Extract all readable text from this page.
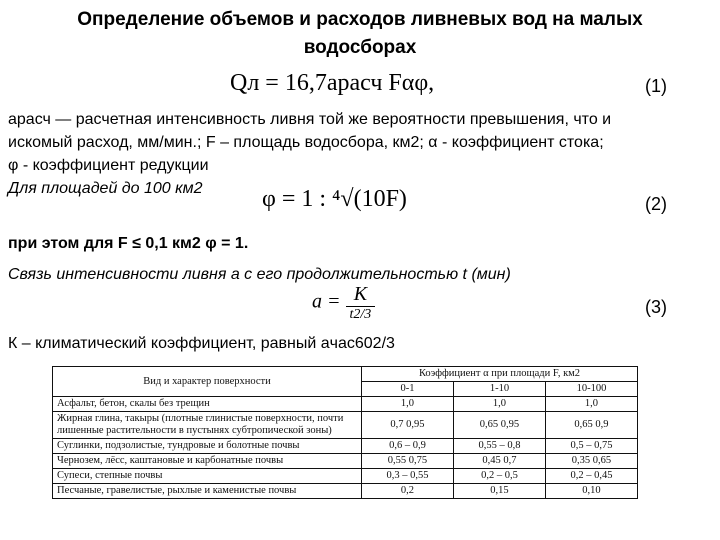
Определение объемов и расходов ливневых вод на малых
водосборах
Qл = 16,7aрасч Fαφ,	(1)
aрасч — расчетная интенсивность ливня той же вероятности превышения, что и
искомый расход, мм/мин.; F – площадь водосбора, км2; α - коэффициент стока;
φ - коэффициент редукции
Для площадей до 100 км2	φ = 1 : ⁴√(10F)	(2)
при этом для F ≤ 0,1 км2 φ = 1.
Связь интенсивности ливня a с его продолжительностью t (мин)
$a = \frac{K}{t2/3}$	(3)
К – климатический коэффициент, равный aчас602/3
Вид и характер поверхности	Коэффициент α при площади F, км2		
	0-1	1-10	10-100
Асфальт, бетон, скалы без трещин	1,0	1,0	1,0
Жирная глина, такыры (плотные глинистые поверхности, почти лишенные растительности в пустынях субтропической зоны)	0,7 0,95	0,65 0,95	0,65 0,9
Суглинки, подзолистые, тундровые и болотные почвы	0,6 – 0,9	0,55 – 0,8	0,5 – 0,75
Чернозем, лёсс, каштановые и карбонатные почвы	0,55 0,75	0,45 0,7	0,35 0,65
Супеси, степные почвы	0,3 – 0,55	0,2 – 0,5	0,2 – 0,45
Песчаные, гравелистые, рыхлые и каменистые почвы	0,2	0,15	0,10
